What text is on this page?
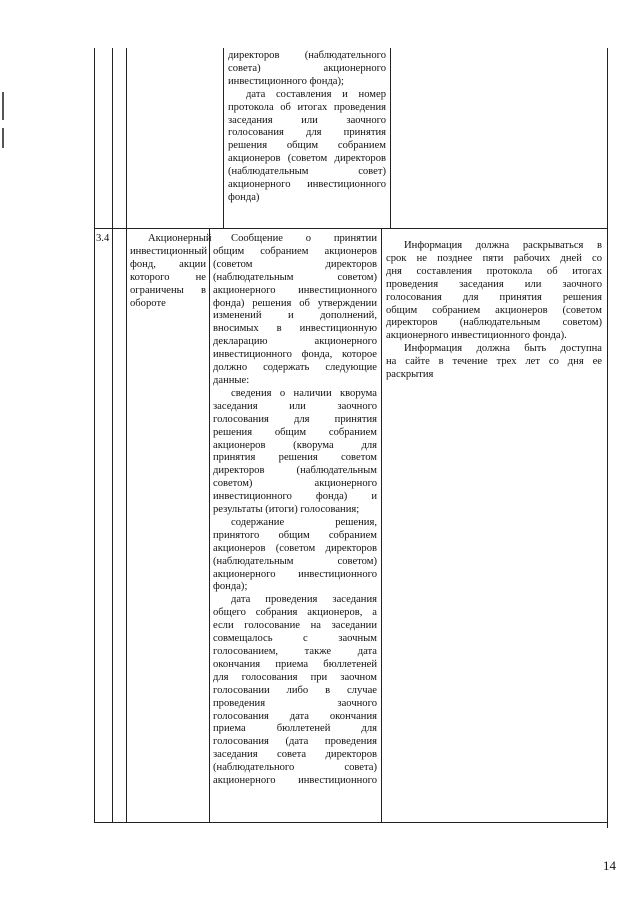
директоров (наблюдательного

совета) акционерного

инвестиционного фонда);

дата составления и номер

протокола об итогах проведения

заседания или заочного

голосования для принятия

решения общим собранием

акционеров (советом директоров

(наблюдательным совет)

акционерного инвестиционного

фонда)

3.4	Акционерный

инвестиционный

фонд, акции

которого не

ограничены в

обороте

Сообщение о принятии

общим собранием акционеров

(советом директоров

(наблюдательным советом)

акционерного инвестиционного

фонда) решения об утверждении

изменений и дополнений,

вносимых в инвестиционную

декларацию акционерного

инвестиционного фонда, которое

должно содержать следующие

данные:

сведения о наличии кворума

заседания или заочного

голосования для принятия

решения общим собранием

акционеров (кворума для

принятия решения советом

директоров (наблюдательным

советом) акционерного

инвестиционного фонда) и

результаты (итоги) голосования;

содержание решения,

принятого общим собранием

акционеров (советом директоров

(наблюдательным советом)

акционерного инвестиционного

фонда);

дата проведения заседания

общего собрания акционеров, а

если голосование на заседании

совмещалось с заочным

голосованием, также дата

окончания приема бюллетеней

для голосования при заочном

голосовании либо в случае

проведения заочного

голосования дата окончания

приема бюллетеней для

голосования (дата проведения

заседания совета директоров

(наблюдательного совета)

акционерного инвестиционного

Информация должна раскрываться в

срок не позднее пяти рабочих дней со

дня составления протокола об итогах

проведения заседания или заочного

голосования для принятия решения

общим собранием акционеров (советом

директоров (наблюдательным советом)

акционерного инвестиционного фонда).

Информация должна быть доступна

на сайте в течение трех лет со дня ее

раскрытия

14
